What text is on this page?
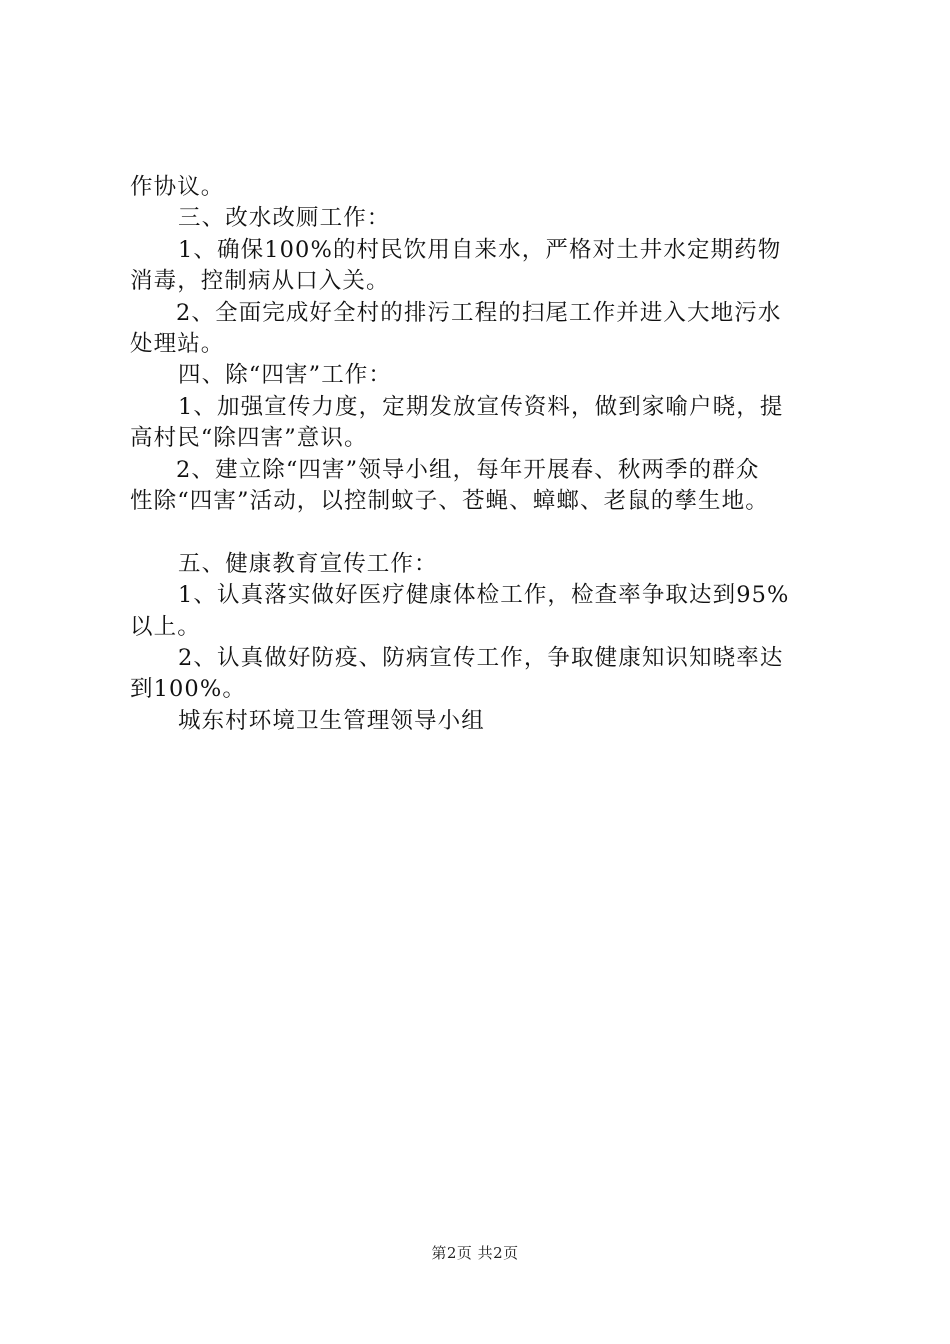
作协议。
三、改水改厕工作：
1、确保100%的村民饮用自来水，严格对土井水定期药物
消毒，控制病从口入关。
2、全面完成好全村的排污工程的扫尾工作并进入大地污水
处理站。
四、除“四害”工作：
1、加强宣传力度，定期发放宣传资料，做到家喻户晓，提
高村民“除四害”意识。
2、建立除“四害”领导小组，每年开展春、秋两季的群众
性除“四害”活动，以控制蚊子、苍蝇、蟑螂、老鼠的孳生地。
五、健康教育宣传工作：
1、认真落实做好医疗健康体检工作，检查率争取达到95%
以上。
2、认真做好防疫、防病宣传工作，争取健康知识知晓率达
到100%。
城东村环境卫生管理领导小组
第2页 共2页
